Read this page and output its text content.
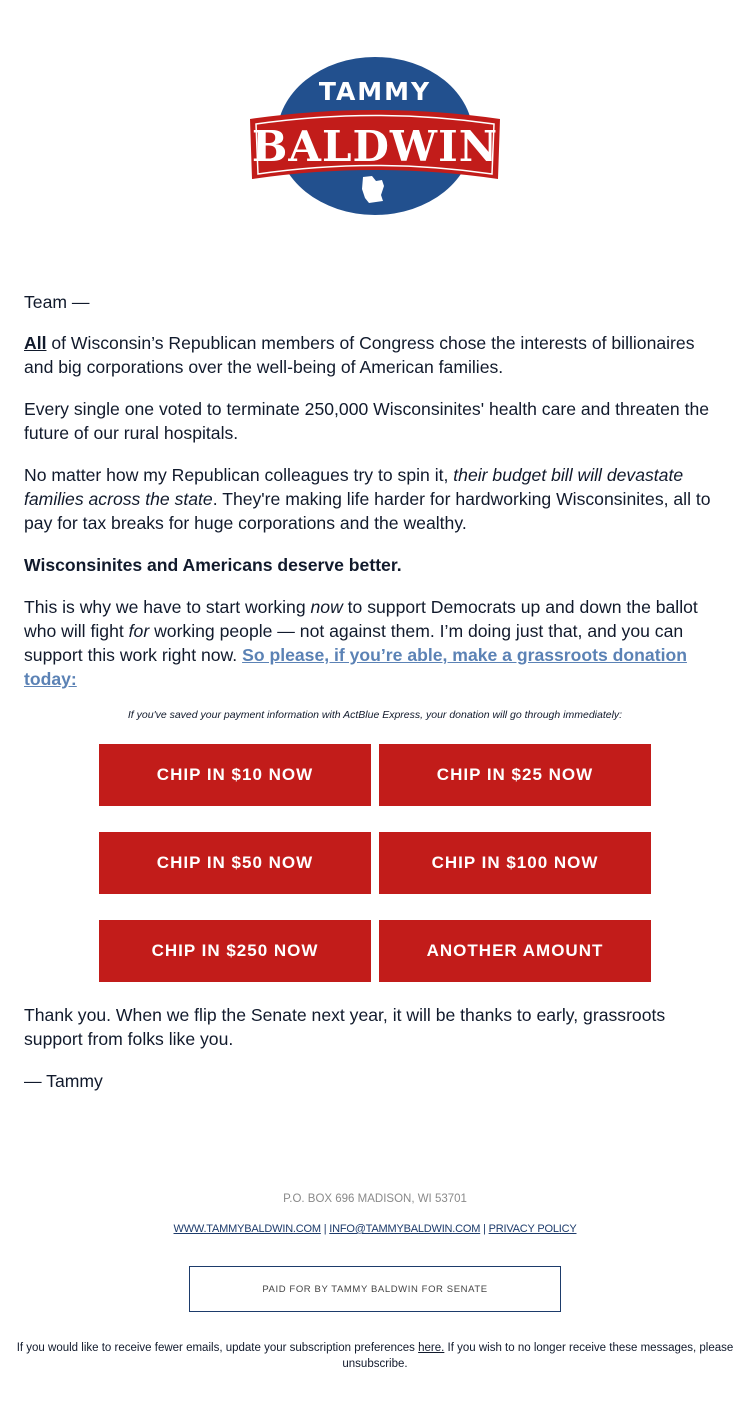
TAMMY
BALDWIN

Team —

All of Wisconsin’s Republican members of Congress chose the interests of billionaires and big corporations over the well-being of American families.

Every single one voted to terminate 250,000 Wisconsinites' health care and threaten the future of our rural hospitals.

No matter how my Republican colleagues try to spin it, their budget bill will devastate families across the state. They're making life harder for hardworking Wisconsinites, all to pay for tax breaks for huge corporations and the wealthy.

Wisconsinites and Americans deserve better.

This is why we have to start working now to support Democrats up and down the ballot who will fight for working people — not against them. I’m doing just that, and you can support this work right now. So please, if you’re able, make a grassroots donation today:

If you've saved your payment information with ActBlue Express, your donation will go through immediately:
CHIP IN $10 NOW	CHIP IN $25 NOW
CHIP IN $50 NOW	CHIP IN $100 NOW
CHIP IN $250 NOW	ANOTHER AMOUNT

Thank you. When we flip the Senate next year, it will be thanks to early, grassroots support from folks like you.

— Tammy

P.O. BOX 696 MADISON, WI 53701
WWW.TAMMYBALDWIN.COM | INFO@TAMMYBALDWIN.COM | PRIVACY POLICY
PAID FOR BY TAMMY BALDWIN FOR SENATE
If you would like to receive fewer emails, update your subscription preferences here. If you wish to no longer receive these messages, please unsubscribe.
